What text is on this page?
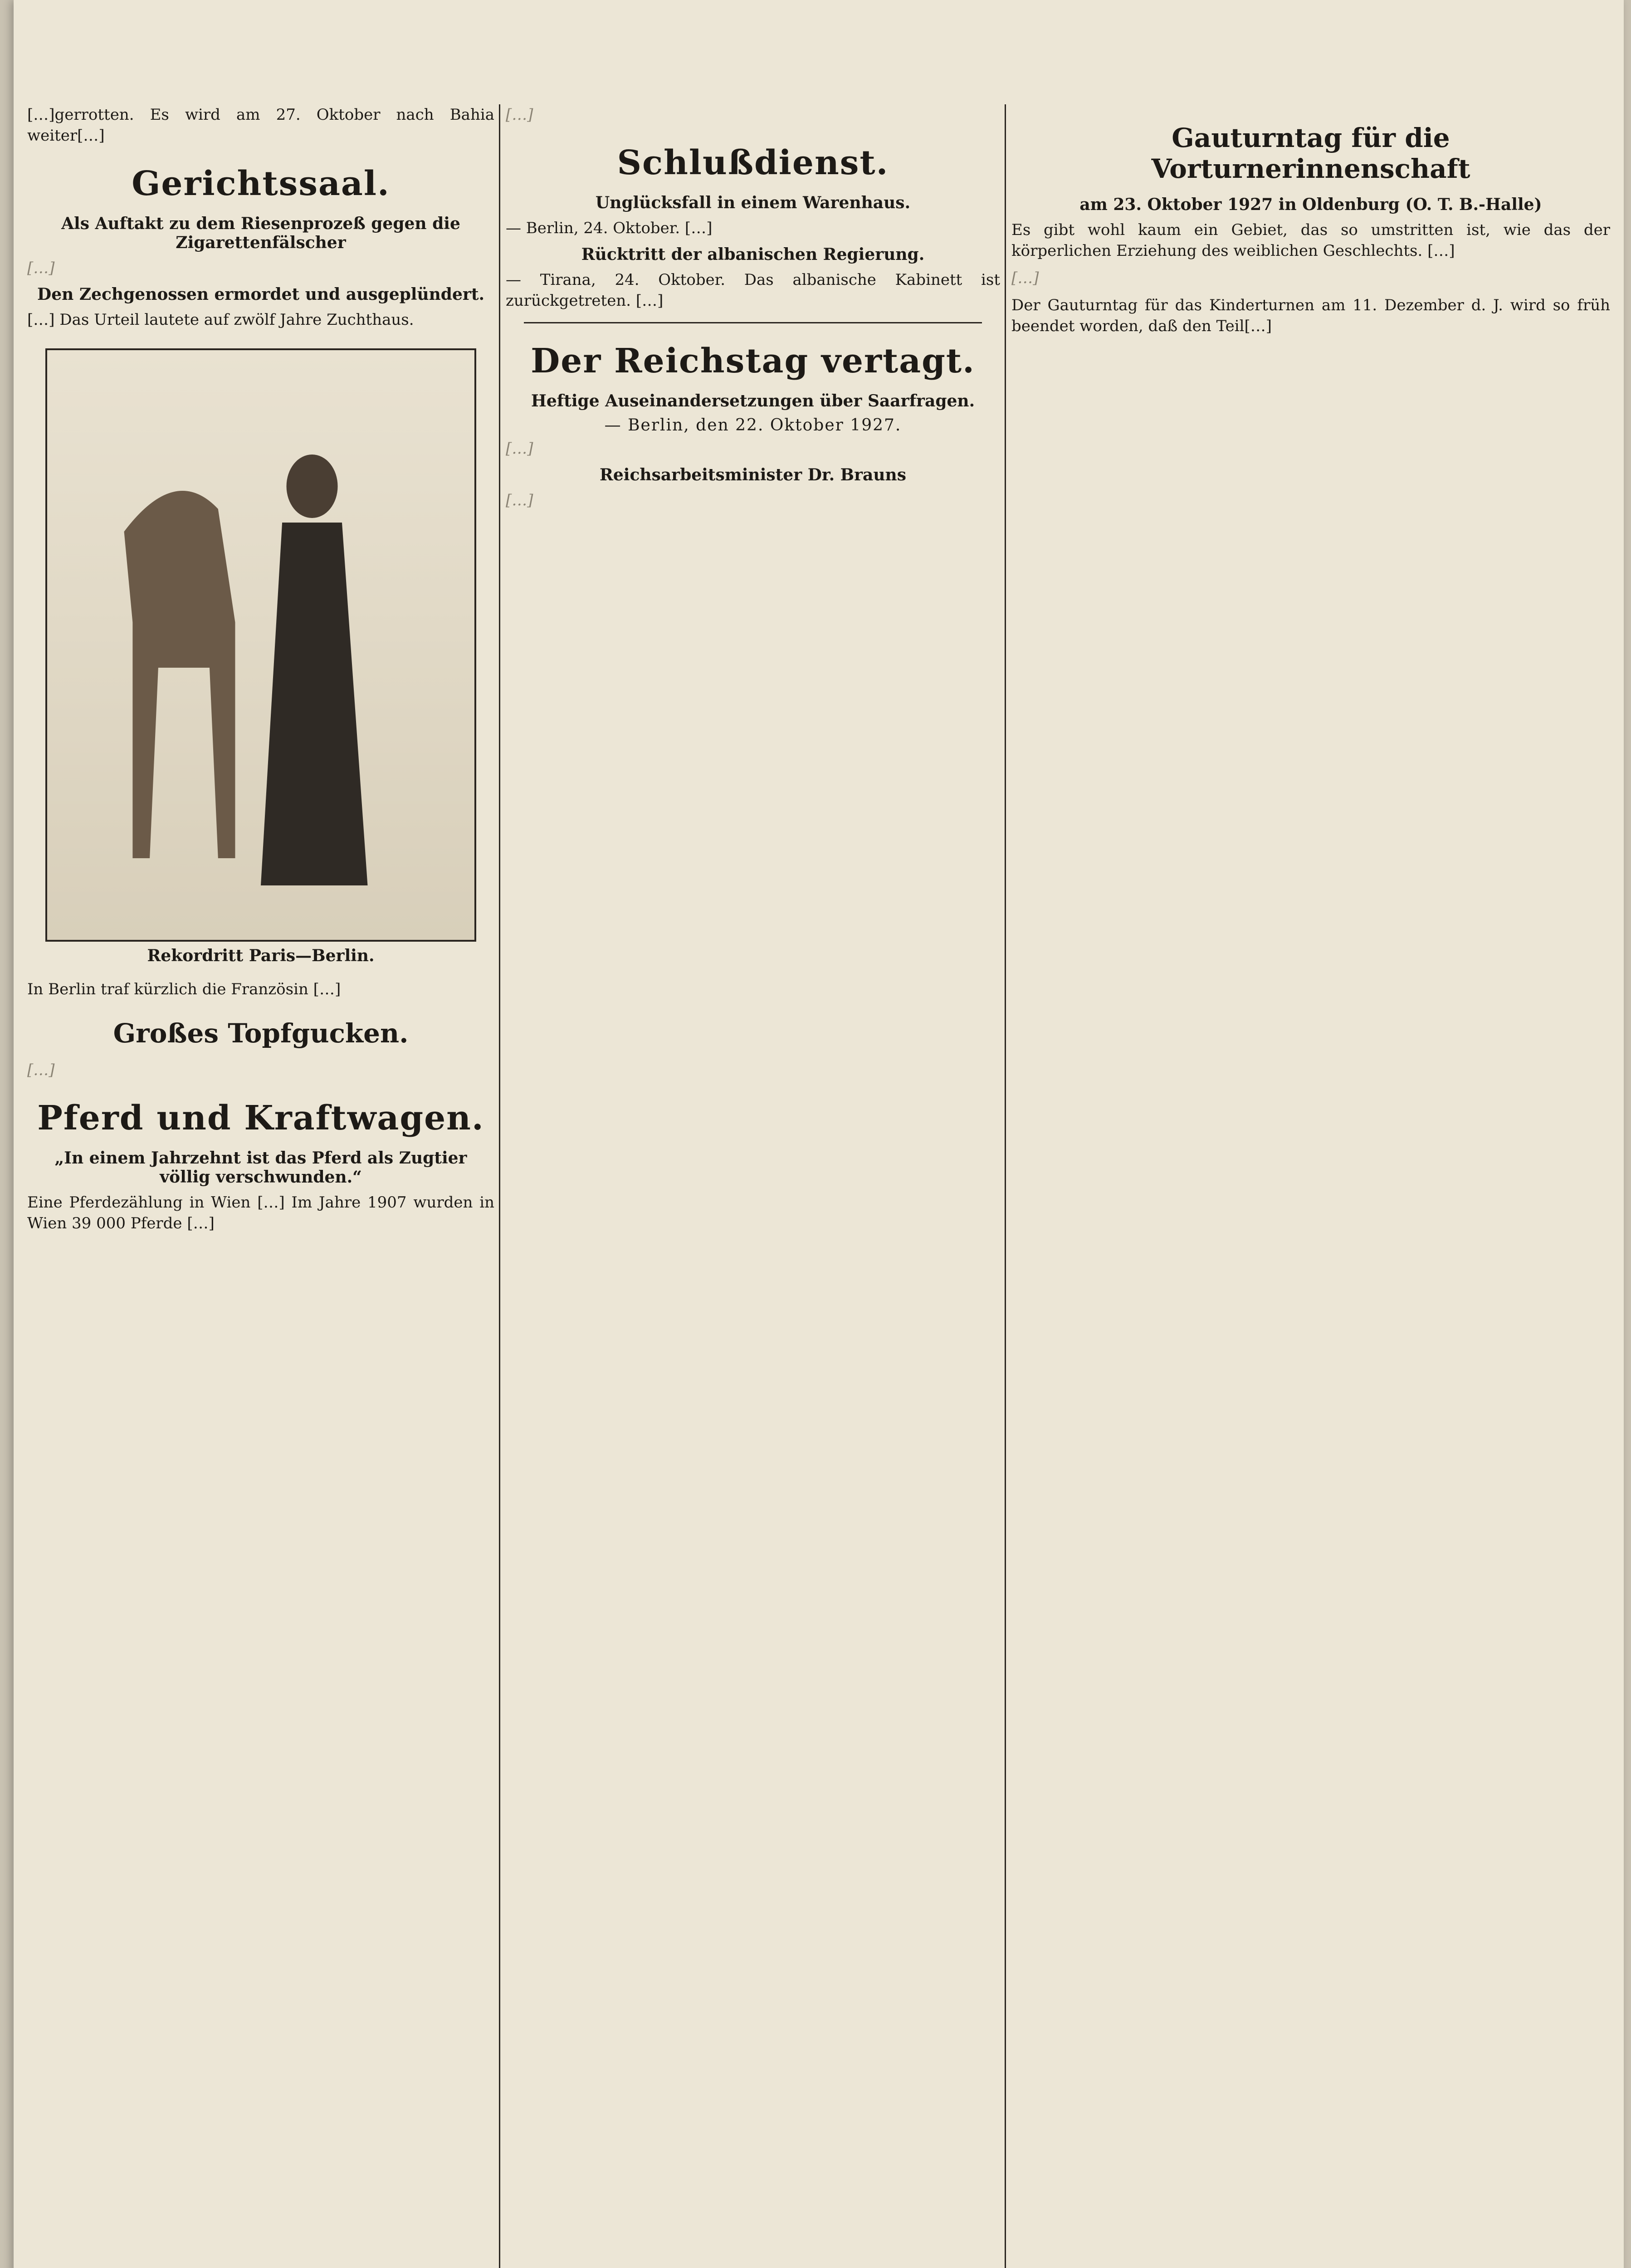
[…]gerrotten. Es wird am 27. Oktober nach Bahia weiter[…]
Gerichtssaal.
Als Auftakt zu dem Riesenprozeß gegen die Zigarettenfälscher
[…]
Den Zechgenossen ermordet und ausgeplündert.
[…] Das Urteil lautete auf zwölf Jahre Zuchthaus.
Rekordritt Paris—Berlin.
In Berlin traf kürzlich die Französin […]
Großes Topfgucken.
[…]
Pferd und Kraftwagen.
„In einem Jahrzehnt ist das Pferd als Zugtier völlig verschwunden.“
Eine Pferdezählung in Wien […] Im Jahre 1907 wurden in Wien 39 000 Pferde […]
[…]
Schlußdienst.
Unglücksfall in einem Warenhaus.
— Berlin, 24. Oktober. […]
Rücktritt der albanischen Regierung.
— Tirana, 24. Oktober. Das albanische Kabinett ist zurückgetreten. […]
Der Reichstag vertagt.
Heftige Auseinandersetzungen über Saarfragen.
— Berlin, den 22. Oktober 1927.
[…]
Reichsarbeitsminister Dr. Brauns
[…]
Gauturntag für die Vorturnerinnenschaft
am 23. Oktober 1927 in Oldenburg (O. T. B.-Halle)
Es gibt wohl kaum ein Gebiet, das so umstritten ist, wie das der körperlichen Erziehung des weiblichen Geschlechts. […]
[…]
Der Gauturntag für das Kinderturnen am 11. Dezember d. J. wird so früh beendet worden, daß den Teil[…]
